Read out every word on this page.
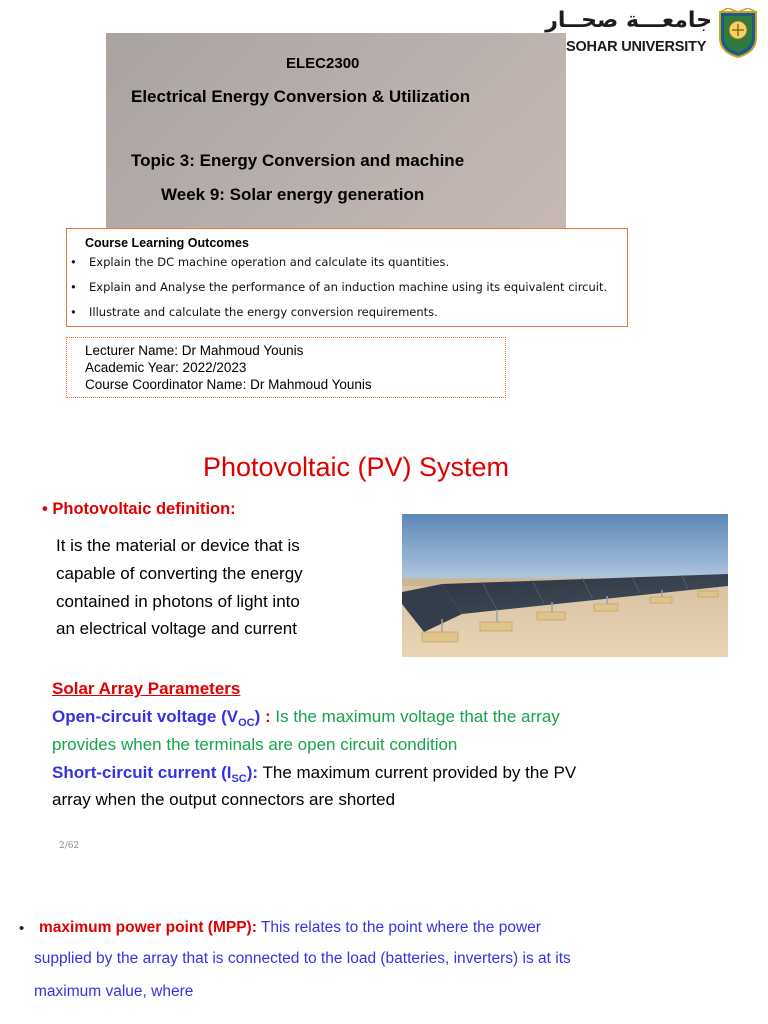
ELEC2300
Electrical Energy Conversion & Utilization
Topic 3: Energy Conversion and machine
Week 9: Solar energy generation
جامعـــة صحــار
SOHAR UNIVERSITY
Course Learning Outcomes
• Explain the DC machine operation and calculate its quantities.
• Explain and Analyse the performance of an induction machine using its equivalent circuit.
• Illustrate and calculate the energy conversion requirements.
Lecturer Name: Dr Mahmoud Younis
Academic Year: 2022/2023
Course Coordinator Name: Dr Mahmoud Younis
Photovoltaic (PV) System
• Photovoltaic definition:
It is the material or device that is
capable of converting the energy
contained in photons of light into
an electrical voltage and current
Solar Array Parameters
Open-circuit voltage $(V_{OC})$ : Is the maximum voltage that the array
provides when the terminals are open circuit condition
Short-circuit current $(I_{SC})$: The maximum current provided by the PV
array when the output connectors are shorted
2/62
• maximum power point (MPP): This relates to the point where the power
supplied by the array that is connected to the load (batteries, inverters) is at its
maximum value, where
